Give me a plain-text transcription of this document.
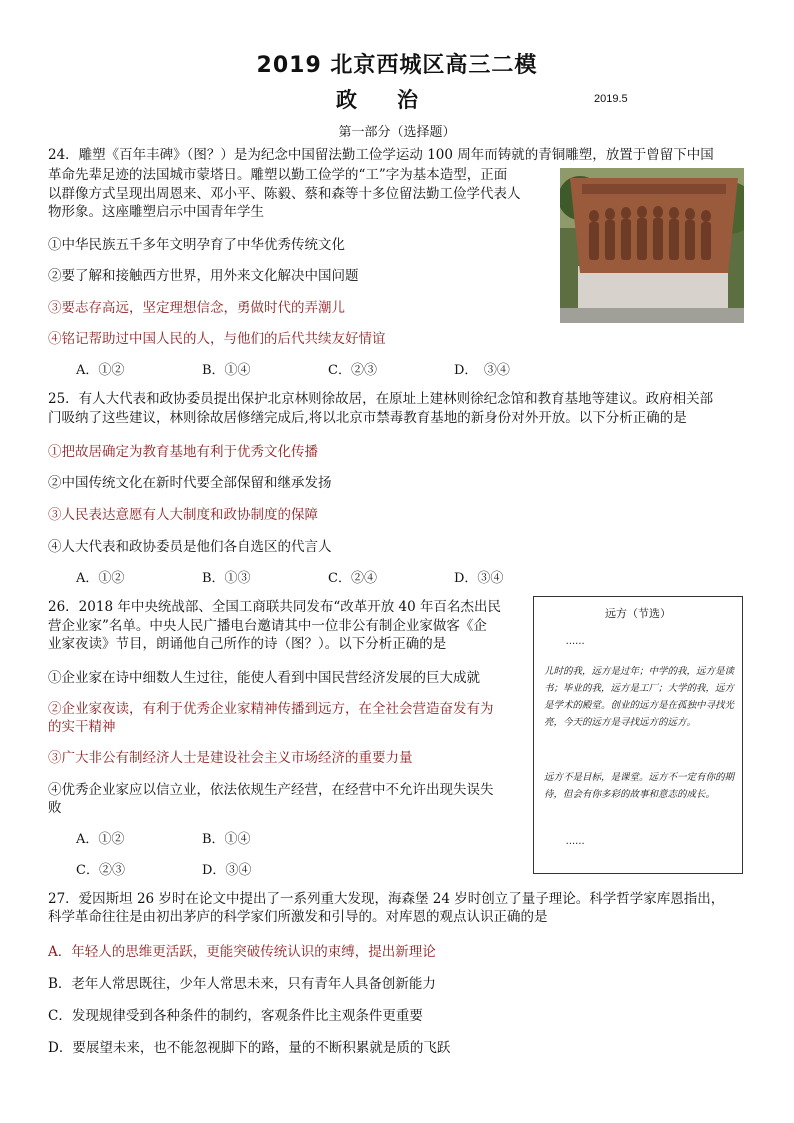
2019 北京西城区高三二模
政治	2019.5
第一部分（选择题）
24．雕塑《百年丰碑》（图？）是为纪念中国留法勤工俭学运动 100 周年而铸就的青铜雕塑，放置于曾留下中国
革命先辈足迹的法国城市蒙塔日。雕塑以勤工俭学的“工”字为基本造型，正面
以群像方式呈现出周恩来、邓小平、陈毅、蔡和森等十多位留法勤工俭学代表人
物形象。这座雕塑启示中国青年学生
①中华民族五千多年文明孕育了中华优秀传统文化
②要了解和接触西方世界，用外来文化解决中国问题
③要志存高远，坚定理想信念，勇做时代的弄潮儿
④铭记帮助过中国人民的人，与他们的后代共续友好情谊
A．①②	B．①④	C．②③	D．　③④
25．有人大代表和政协委员提出保护北京林则徐故居，在原址上建林则徐纪念馆和教育基地等建议。政府相关部
门吸纳了这些建议，林则徐故居修缮完成后,将以北京市禁毒教育基地的新身份对外开放。以下分析正确的是
①把故居确定为教育基地有利于优秀文化传播
②中国传统文化在新时代要全部保留和继承发扬
③人民表达意愿有人大制度和政协制度的保障
④人大代表和政协委员是他们各自选区的代言人
A．①②	B．①③	C．②④	D．③④
26．2018 年中央统战部、全国工商联共同发布“改革开放 40 年百名杰出民
营企业家”名单。中央人民广播电台邀请其中一位非公有制企业家做客《企
业家夜读》节目，朗诵他自己所作的诗（图？）。以下分析正确的是
①企业家在诗中细数人生过往，能使人看到中国民营经济发展的巨大成就
②企业家夜读，有利于优秀企业家精神传播到远方，在全社会营造奋发有为
的实干精神
③广大非公有制经济人士是建设社会主义市场经济的重要力量
④优秀企业家应以信立业，依法依规生产经营，在经营中不允许出现失误失
败
A．①②	B．①④
C．②③	D．③④
远方（节选）
……
儿时的我，远方是过年；中学的我，远方是读书；毕业的我，远方是工厂；大学的我，远方是学术的殿堂。创业的远方是在孤独中寻找光亮，今天的远方是寻找远方的远方。
远方不是目标，是课堂。远方不一定有你的期待，但会有你多彩的故事和意志的成长。
……
27．爱因斯坦 26 岁时在论文中提出了一系列重大发现，海森堡 24 岁时创立了量子理论。科学哲学家库恩指出，
科学革命往往是由初出茅庐的科学家们所激发和引导的。对库恩的观点认识正确的是
A．年轻人的思维更活跃，更能突破传统认识的束缚，提出新理论
B．老年人常思既往，少年人常思未来，只有青年人具备创新能力
C．发现规律受到各种条件的制约，客观条件比主观条件更重要
D．要展望未来，也不能忽视脚下的路，量的不断积累就是质的飞跃
